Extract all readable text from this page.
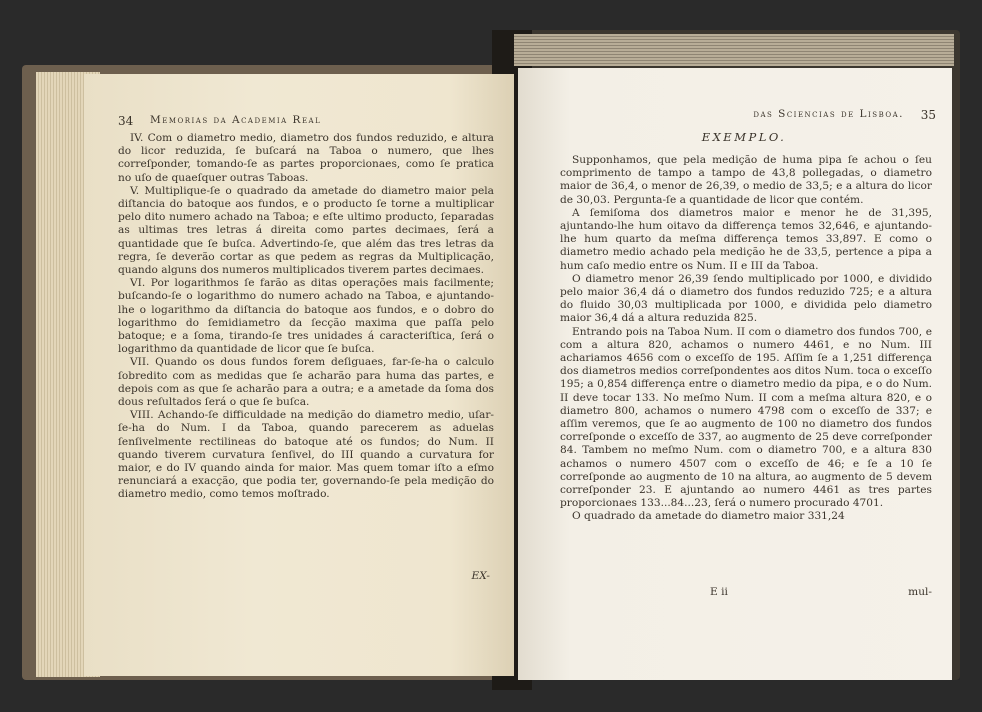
34 Memorias da Academia Real

IV. Com o diametro medio, diametro dos fundos reduzido, e altura do licor reduzida, ſe buſcará na Taboa o numero, que lhes correſponder, tomando-ſe as partes proporcionaes, como ſe pratica no uſo de quaeſquer outras Taboas.

V. Multiplique-ſe o quadrado da ametade do diametro maior pela diſtancia do batoque aos fundos, e o producto ſe torne a multiplicar pelo dito numero achado na Taboa; e eſte ultimo producto, ſeparadas as ultimas tres letras á direita como partes decimaes, ſerá a quantidade que ſe buſca. Advertindo-ſe, que além das tres letras da regra, ſe deverão cortar as que pedem as regras da Multiplicação, quando alguns dos numeros multiplicados tiverem partes decimaes.

VI. Por logarithmos ſe farão as ditas operações mais facilmente; buſcando-ſe o logarithmo do numero achado na Taboa, e ajuntando-lhe o logarithmo da diſtancia do batoque aos fundos, e o dobro do logarithmo do ſemidiametro da ſecção maxima que paſſa pelo batoque; e a ſoma, tirando-ſe tres unidades á caracteriſtica, ſerá o logarithmo da quantidade de licor que ſe buſca.

VII. Quando os dous fundos forem deſiguaes, far-ſe-ha o calculo ſobredito com as medidas que ſe acharão para huma das partes, e depois com as que ſe acharão para a outra; e a ametade da ſoma dos dous reſultados ſerá o que ſe buſca.

VIII. Achando-ſe difficuldade na medição do diametro medio, uſar-ſe-ha do Num. I da Taboa, quando parecerem as aduelas ſenſivelmente rectilineas do batoque até os fundos; do Num. II quando tiverem curvatura ſenſivel, do III quando a curvatura for maior, e do IV quando ainda for maior. Mas quem tomar iſto a eſmo renunciará a exacção, que podia ter, governando-ſe pela medição do diametro medio, como temos moſtrado.

EX-
das Sciencias de Lisboa. 35
EXEMPLO.

Supponhamos, que pela medição de huma pipa ſe achou o ſeu comprimento de tampo a tampo de 43,8 pollegadas, o diametro maior de 36,4, o menor de 26,39, o medio de 33,5; e a altura do licor de 30,03. Pergunta-ſe a quantidade de licor que contém.

A ſemiſoma dos diametros maior e menor he de 31,395, ajuntando-lhe hum oitavo da differença temos 32,646, e ajuntando-lhe hum quarto da meſma differença temos 33,897. E como o diametro medio achado pela medição he de 33,5, pertence a pipa a hum caſo medio entre os Num. II e III da Taboa.

O diametro menor 26,39 ſendo multiplicado por 1000, e dividido pelo maior 36,4 dá o diametro dos fundos reduzido 725; e a altura do fluido 30,03 multiplicada por 1000, e dividida pelo diametro maior 36,4 dá a altura reduzida 825.

Entrando pois na Taboa Num. II com o diametro dos fundos 700, e com a altura 820, achamos o numero 4461, e no Num. III achariamos 4656 com o exceſſo de 195. Aſſim ſe a 1,251 differença dos diametros medios correſpondentes aos ditos Num. toca o exceſſo 195; a 0,854 differença entre o diametro medio da pipa, e o do Num. II deve tocar 133. No meſmo Num. II com a meſma altura 820, e o diametro 800, achamos o numero 4798 com o exceſſo de 337; e aſſim veremos, que ſe ao augmento de 100 no diametro dos fundos correſponde o exceſſo de 337, ao augmento de 25 deve correſponder 84. Tambem no meſmo Num. com o diametro 700, e a altura 830 achamos o numero 4507 com o exceſſo de 46; e ſe a 10 ſe correſponde ao augmento de 10 na altura, ao augmento de 5 devem correſponder 23. E ajuntando ao numero 4461 as tres partes proporcionaes 133...84...23, ſerá o numero procurado 4701.

O quadrado da ametade do diametro maior 331,24

E ii	mul-
